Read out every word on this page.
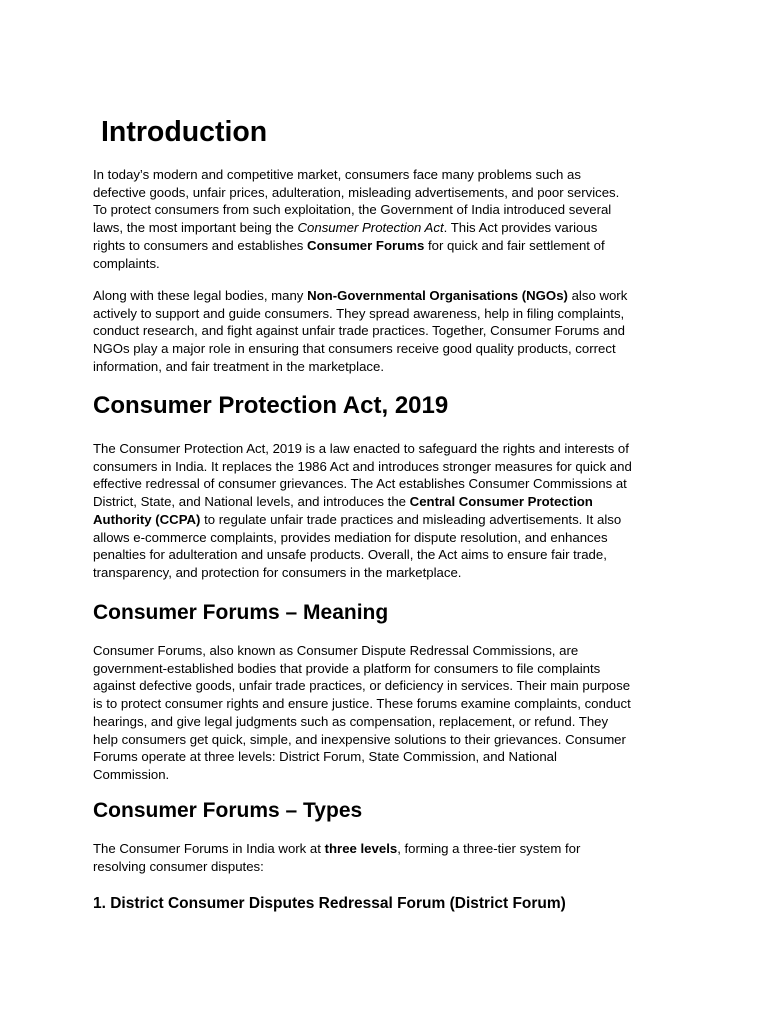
Introduction

In today’s modern and competitive market, consumers face many problems such as
defective goods, unfair prices, adulteration, misleading advertisements, and poor services.
To protect consumers from such exploitation, the Government of India introduced several
laws, the most important being the Consumer Protection Act. This Act provides various
rights to consumers and establishes Consumer Forums for quick and fair settlement of
complaints.

Along with these legal bodies, many Non-Governmental Organisations (NGOs) also work
actively to support and guide consumers. They spread awareness, help in filing complaints,
conduct research, and fight against unfair trade practices. Together, Consumer Forums and
NGOs play a major role in ensuring that consumers receive good quality products, correct
information, and fair treatment in the marketplace.

Consumer Protection Act, 2019

The Consumer Protection Act, 2019 is a law enacted to safeguard the rights and interests of
consumers in India. It replaces the 1986 Act and introduces stronger measures for quick and
effective redressal of consumer grievances. The Act establishes Consumer Commissions at
District, State, and National levels, and introduces the Central Consumer Protection
Authority (CCPA) to regulate unfair trade practices and misleading advertisements. It also
allows e-commerce complaints, provides mediation for dispute resolution, and enhances
penalties for adulteration and unsafe products. Overall, the Act aims to ensure fair trade,
transparency, and protection for consumers in the marketplace.

Consumer Forums – Meaning

Consumer Forums, also known as Consumer Dispute Redressal Commissions, are
government-established bodies that provide a platform for consumers to file complaints
against defective goods, unfair trade practices, or deficiency in services. Their main purpose
is to protect consumer rights and ensure justice. These forums examine complaints, conduct
hearings, and give legal judgments such as compensation, replacement, or refund. They
help consumers get quick, simple, and inexpensive solutions to their grievances. Consumer
Forums operate at three levels: District Forum, State Commission, and National
Commission.

Consumer Forums – Types

The Consumer Forums in India work at three levels, forming a three-tier system for
resolving consumer disputes:

1. District Consumer Disputes Redressal Forum (District Forum)
